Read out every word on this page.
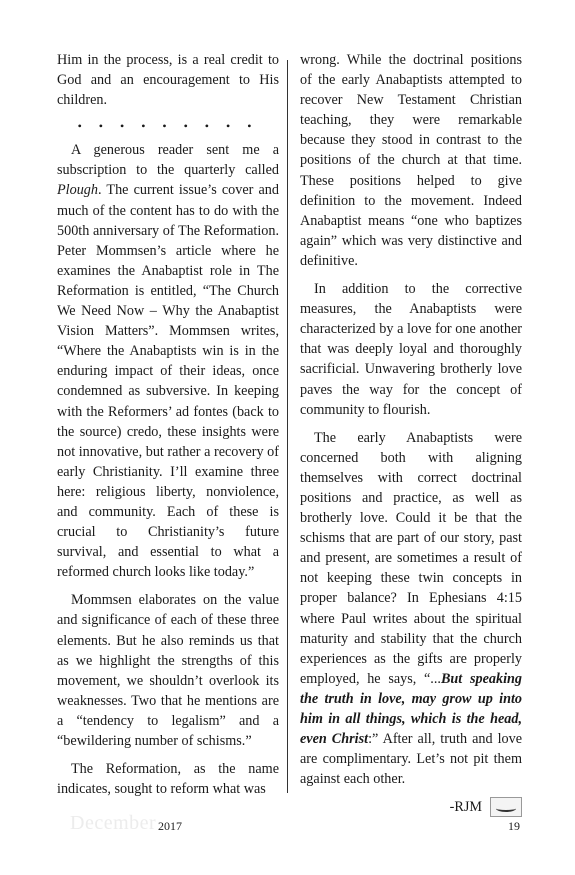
Him in the process, is a real credit to God and an encouragement to His children.

• • • • • • • • •

A generous reader sent me a subscription to the quarterly called Plough. The current issue’s cover and much of the content has to do with the 500th anniversary of The Reformation. Peter Mommsen’s article where he examines the Anabaptist role in The Reformation is entitled, “The Church We Need Now – Why the Anabaptist Vision Matters”. Mommsen writes, “Where the Anabaptists win is in the enduring impact of their ideas, once condemned as subversive. In keeping with the Reformers’ ad fontes (back to the source) credo, these insights were not innovative, but rather a recovery of early Christianity. I’ll examine three here: religious liberty, nonviolence, and community. Each of these is crucial to Christianity’s future survival, and essential to what a reformed church looks like today.”

Mommsen elaborates on the value and significance of each of these three elements. But he also reminds us that as we highlight the strengths of this movement, we shouldn’t overlook its weaknesses. Two that he mentions are a “tendency to legalism” and a “bewildering number of schisms.”

The Reformation, as the name indicates, sought to reform what was

wrong. While the doctrinal positions of the early Anabaptists attempted to recover New Testament Christian teaching, they were remarkable because they stood in contrast to the positions of the church at that time. These positions helped to give definition to the movement. Indeed Anabaptist means “one who baptizes again” which was very distinctive and definitive.

In addition to the corrective measures, the Anabaptists were characterized by a love for one another that was deeply loyal and thoroughly sacrificial. Unwavering brotherly love paves the way for the concept of community to flourish.

The early Anabaptists were concerned both with aligning themselves with correct doctrinal positions and practice, as well as brotherly love. Could it be that the schisms that are part of our story, past and present, are sometimes a result of not keeping these twin concepts in proper balance? In Ephesians 4:15 where Paul writes about the spiritual maturity and stability that the church experiences as the gifts are properly employed, he says, “...But speaking the truth in love, may grow up into him in all things, which is the head, even Christ:” After all, truth and love are complimentary. Let’s not pit them against each other.

-RJM
December 2017	19
